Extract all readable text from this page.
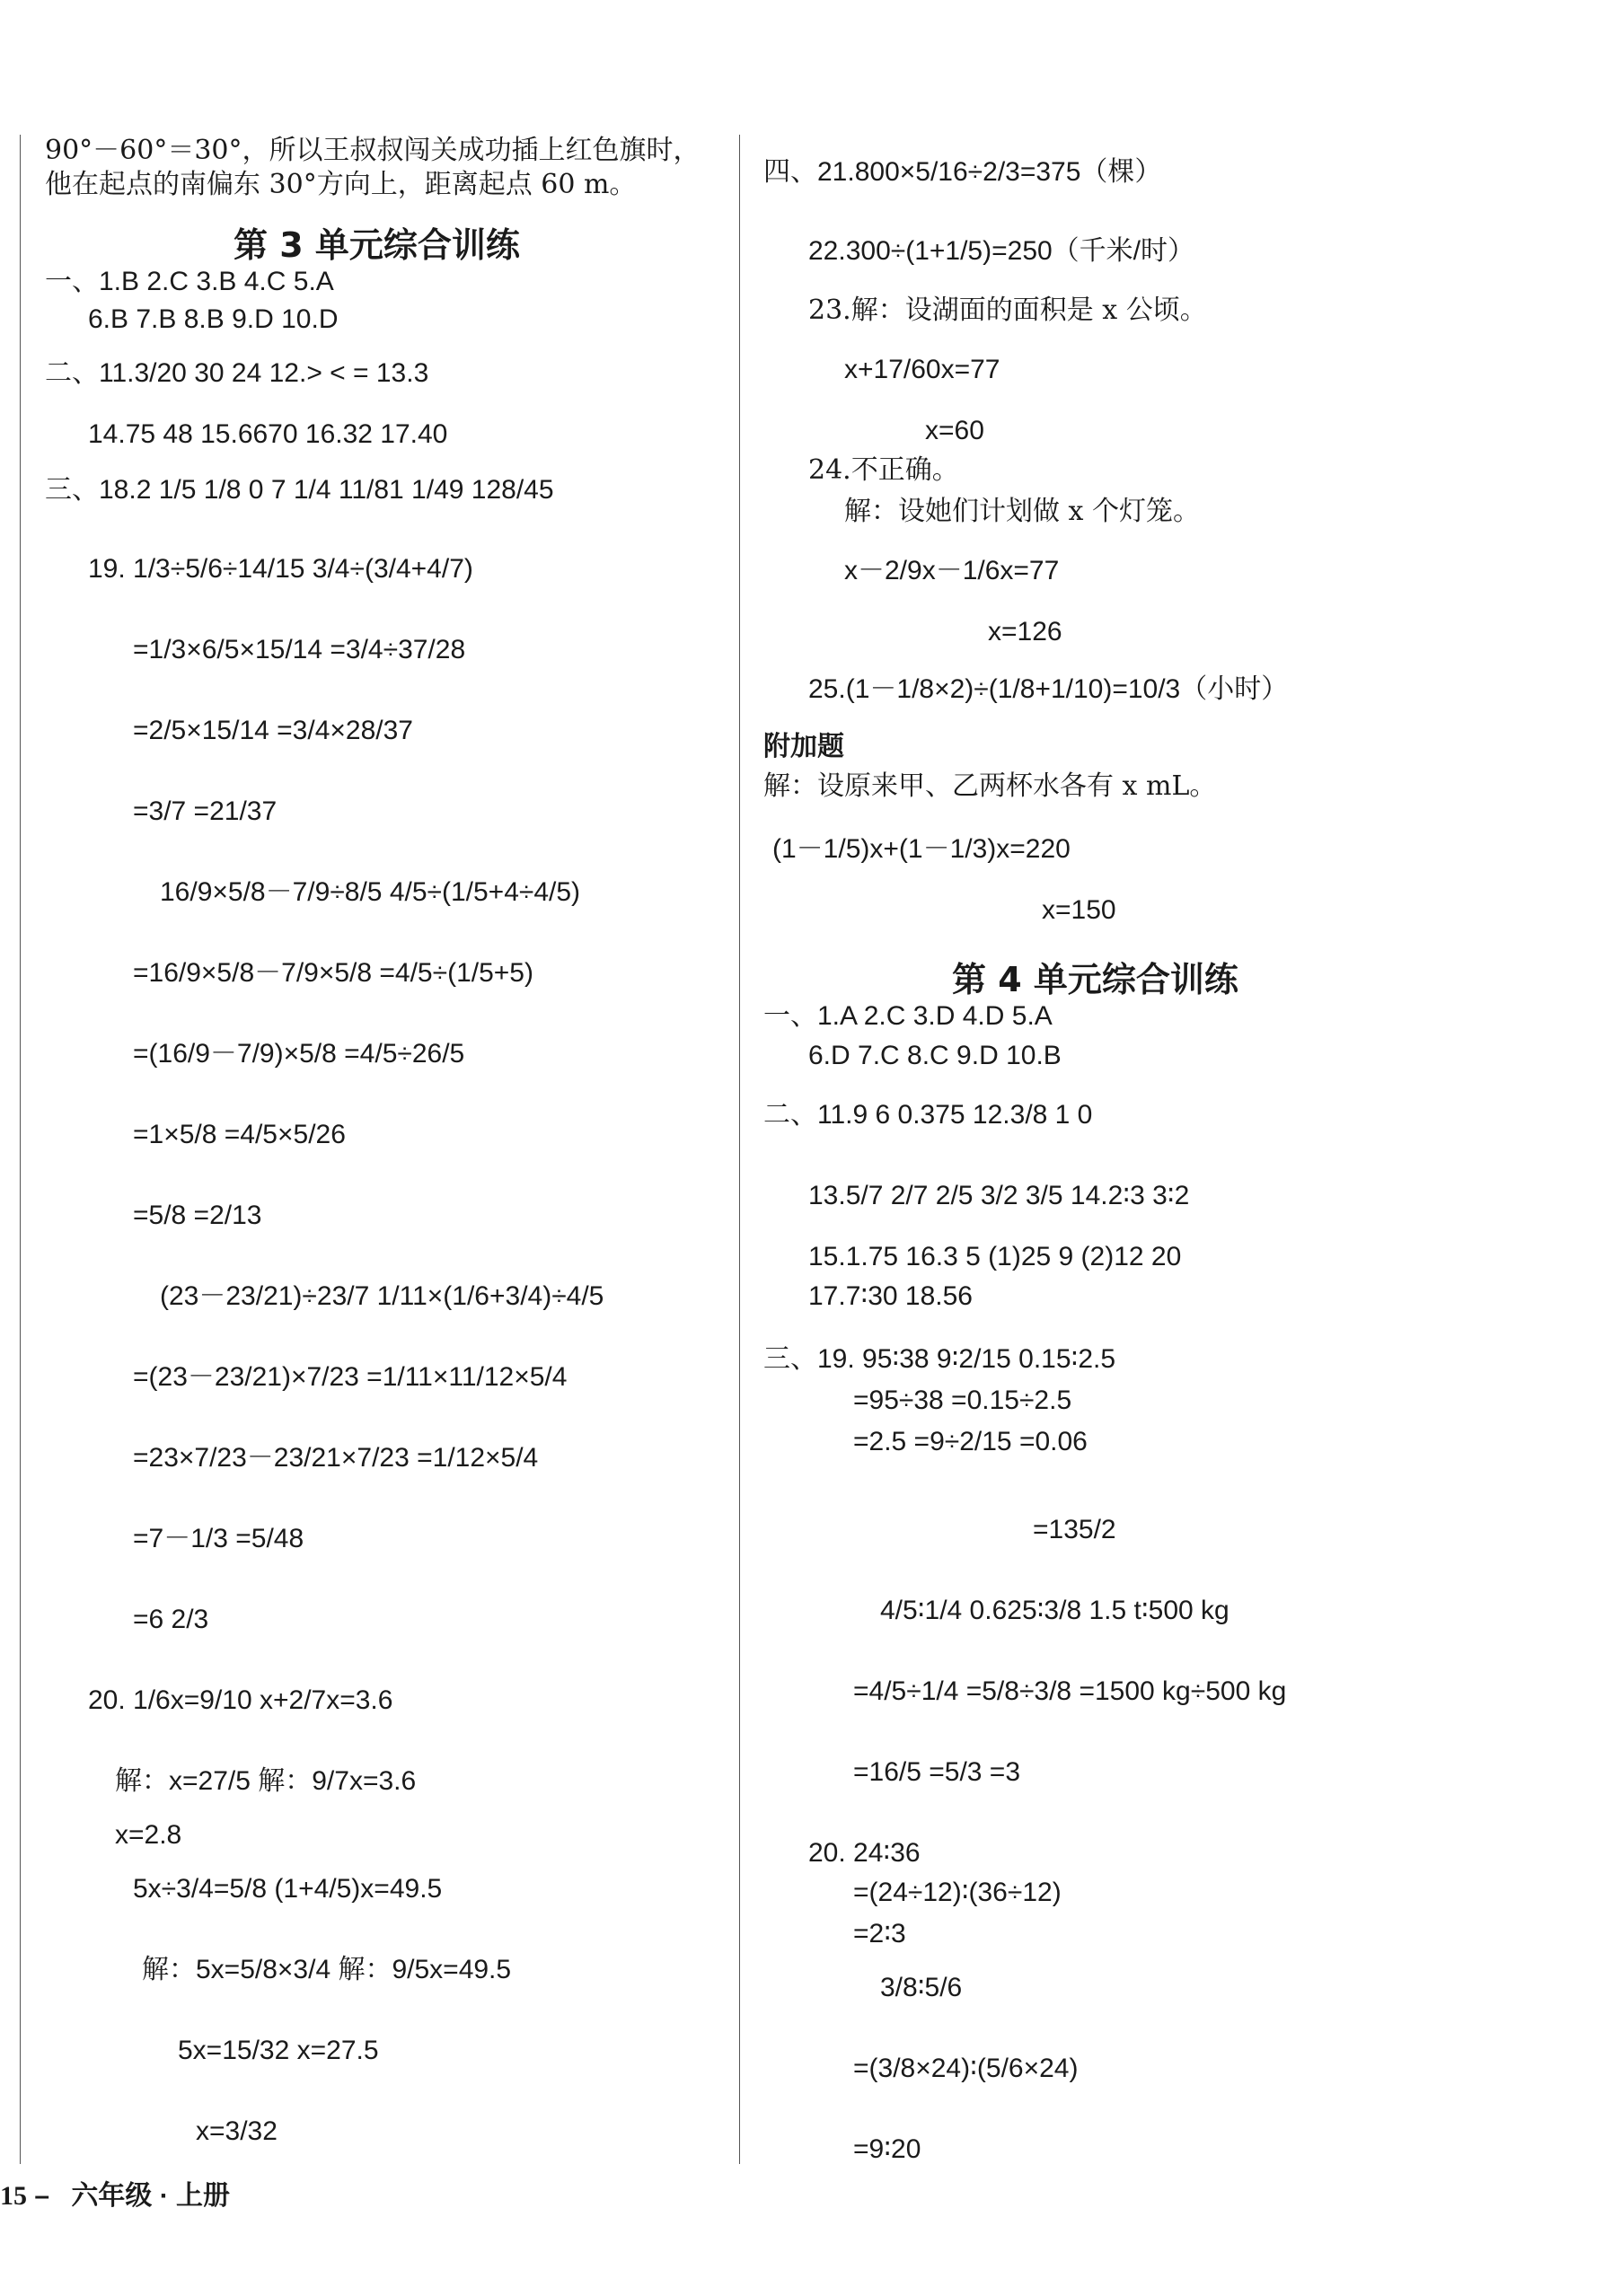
90°－60°＝30°，所以王叔叔闯关成功插上红色旗时，
他在起点的南偏东 30°方向上，距离起点 60 m。
第 3 单元综合训练
一、1.B 2.C 3.B 4.C 5.A
6.B 7.B 8.B 9.D 10.D
二、11.3/20 30 24 12.> < = 13.3
14.75 48 15.6670 16.32 17.40
三、18.2 1/5 1/8 0 7 1/4 11/81 1/49 128/45
19. 1/3÷5/6÷14/15 3/4÷(3/4+4/7)
=1/3×6/5×15/14 =3/4÷37/28
=2/5×15/14 =3/4×28/37
=3/7 =21/37
16/9×5/8－7/9÷8/5 4/5÷(1/5+4÷4/5)
=16/9×5/8－7/9×5/8 =4/5÷(1/5+5)
=(16/9－7/9)×5/8 =4/5÷26/5
=1×5/8 =4/5×5/26
=5/8 =2/13
(23－23/21)÷23/7 1/11×(1/6+3/4)÷4/5
=(23－23/21)×7/23 =1/11×11/12×5/4
=23×7/23－23/21×7/23 =1/12×5/4
=7－1/3 =5/48
=6 2/3
20. 1/6x=9/10 x+2/7x=3.6
解：x=27/5 解：9/7x=3.6
x=2.8
5x÷3/4=5/8 (1+4/5)x=49.5
解：5x=5/8×3/4 解：9/5x=49.5
5x=15/32 x=27.5
x=3/32
四、21.800×5/16÷2/3=375（棵）
22.300÷(1+1/5)=250（千米/时）
23.解：设湖面的面积是 x 公顷。
x+17/60x=77
x=60
24.不正确。
解：设她们计划做 x 个灯笼。
x－2/9x－1/6x=77
x=126
25.(1－1/8×2)÷(1/8+1/10)=10/3（小时）
附加题
解：设原来甲、乙两杯水各有 x mL。
(1－1/5)x+(1－1/3)x=220
x=150
第 4 单元综合训练
一、1.A 2.C 3.D 4.D 5.A
6.D 7.C 8.C 9.D 10.B
二、11.9 6 0.375 12.3/8 1 0
13.5/7 2/7 2/5 3/2 3/5 14.2∶3 3∶2
15.1.75 16.3 5 (1)25 9 (2)12 20
17.7∶30 18.56
三、19. 95∶38 9∶2/15 0.15∶2.5
=95÷38 =0.15÷2.5
=2.5 =9÷2/15 =0.06
=135/2
4/5∶1/4 0.625∶3/8 1.5 t∶500 kg
=4/5÷1/4 =5/8÷3/8 =1500 kg÷500 kg
=16/5 =5/3 =3
20. 24∶36
=(24÷12)∶(36÷12)
=2∶3
3/8∶5/6
=(3/8×24)∶(5/6×24)
=9∶20
15 – 六年级 · 上册
